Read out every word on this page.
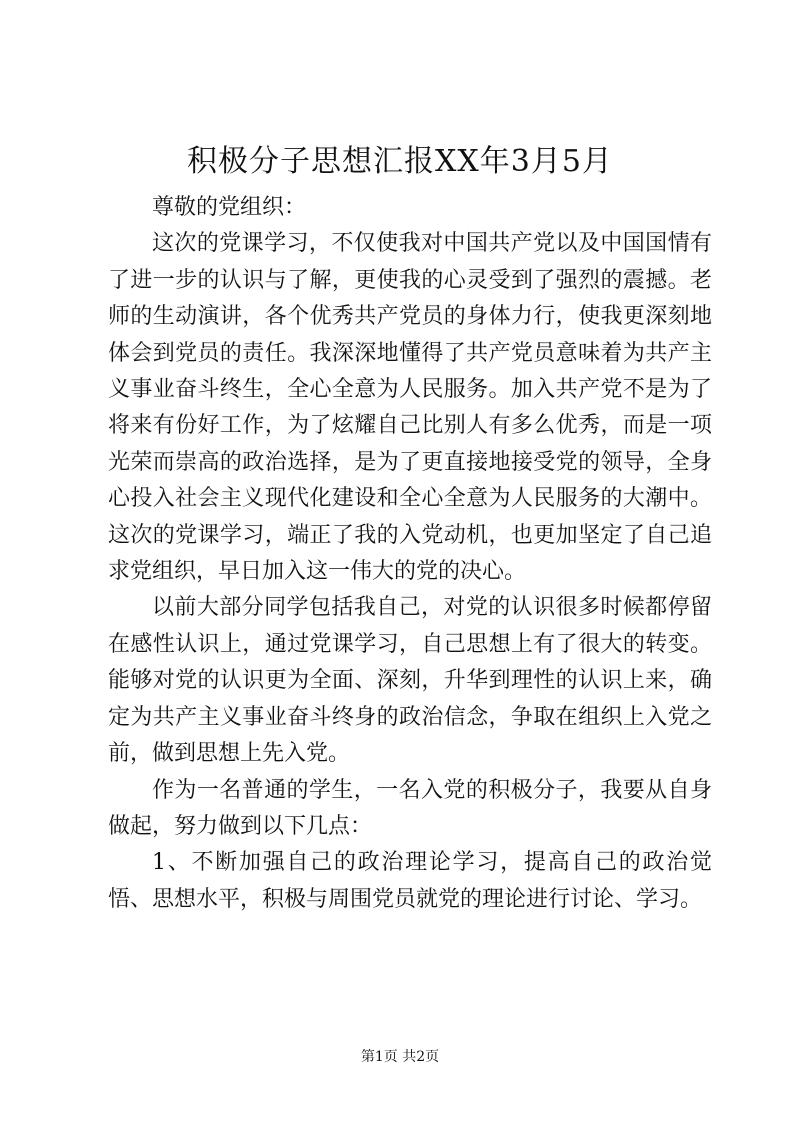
积极分子思想汇报XX年3月5月

尊敬的党组织：

这次的党课学习，不仅使我对中国共产党以及中国国情有了进一步的认识与了解，更使我的心灵受到了强烈的震撼。老师的生动演讲，各个优秀共产党员的身体力行，使我更深刻地体会到党员的责任。我深深地懂得了共产党员意味着为共产主义事业奋斗终生，全心全意为人民服务。加入共产党不是为了将来有份好工作，为了炫耀自己比别人有多么优秀，而是一项光荣而崇高的政治选择，是为了更直接地接受党的领导，全身心投入社会主义现代化建设和全心全意为人民服务的大潮中。这次的党课学习，端正了我的入党动机，也更加坚定了自己追求党组织，早日加入这一伟大的党的决心。

以前大部分同学包括我自己，对党的认识很多时候都停留在感性认识上，通过党课学习，自己思想上有了很大的转变。能够对党的认识更为全面、深刻，升华到理性的认识上来，确定为共产主义事业奋斗终身的政治信念，争取在组织上入党之前，做到思想上先入党。

作为一名普通的学生，一名入党的积极分子，我要从自身做起，努力做到以下几点：

1、不断加强自己的政治理论学习，提高自己的政治觉悟、思想水平，积极与周围党员就党的理论进行讨论、学习。

第1页 共2页
